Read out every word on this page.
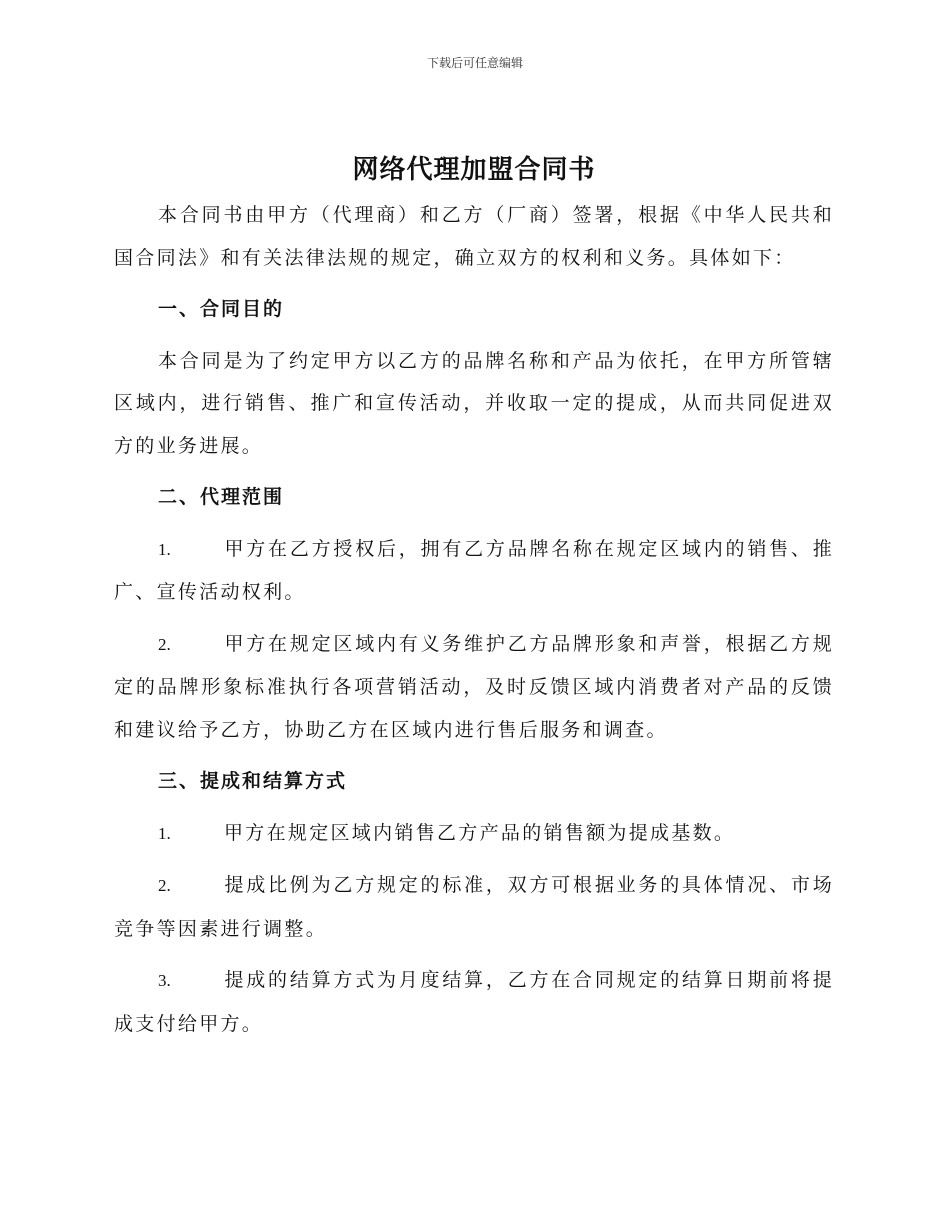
下载后可任意编辑
网络代理加盟合同书

本合同书由甲方（代理商）和乙方（厂商）签署，根据《中华人民共和国合同法》和有关法律法规的规定，确立双方的权利和义务。具体如下：

一、合同目的

本合同是为了约定甲方以乙方的品牌名称和产品为依托，在甲方所管辖区域内，进行销售、推广和宣传活动，并收取一定的提成，从而共同促进双方的业务进展。

二、代理范围

1.	甲方在乙方授权后，拥有乙方品牌名称在规定区域内的销售、推广、宣传活动权利。

2.	甲方在规定区域内有义务维护乙方品牌形象和声誉，根据乙方规定的品牌形象标准执行各项营销活动，及时反馈区域内消费者对产品的反馈和建议给予乙方，协助乙方在区域内进行售后服务和调查。

三、提成和结算方式

1.	甲方在规定区域内销售乙方产品的销售额为提成基数。

2.	提成比例为乙方规定的标准，双方可根据业务的具体情况、市场竞争等因素进行调整。

3.	提成的结算方式为月度结算，乙方在合同规定的结算日期前将提成支付给甲方。
